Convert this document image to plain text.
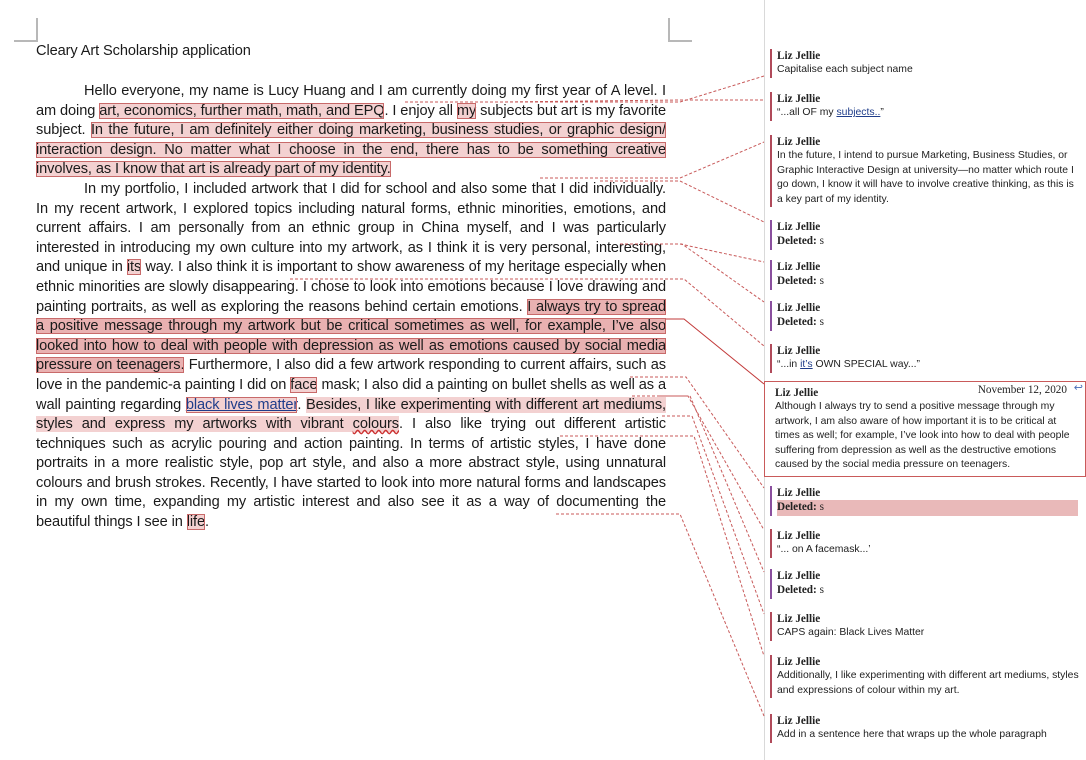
Cleary Art Scholarship application

Hello everyone, my name is Lucy Huang and I am currently doing my first year of A level. I am doing art, economics, further math, math, and EPQ. I enjoy all my subjects but art is my favorite subject. In the future, I am definitely either doing marketing, business studies, or graphic design/ interaction design. No matter what I choose in the end, there has to be something creative involves, as I know that art is already part of my identity.

In my portfolio, I included artwork that I did for school and also some that I did individually. In my recent artwork, I explored topics including natural forms, ethnic minorities, emotions, and current affairs. I am personally from an ethnic group in China myself, and I was particularly interested in introducing my own culture into my artwork, as I think it is very personal, interesting, and unique in its way. I also think it is important to show awareness of my heritage especially when ethnic minorities are slowly disappearing. I chose to look into emotions because I love drawing and painting portraits, as well as exploring the reasons behind certain emotions. I always try to spread a positive message through my artwork but be critical sometimes as well, for example, I’ve also looked into how to deal with people with depression as well as emotions caused by social media pressure on teenagers. Furthermore, I also did a few artwork responding to current affairs, such as love in the pandemic-a painting I did on face mask; I also did a painting on bullet shells as well as a wall painting regarding black lives matter. Besides, I like experimenting with different art mediums, styles and express my artworks with vibrant colours. I also like trying out different artistic techniques such as acrylic pouring and action painting. In terms of artistic styles, I have done portraits in a more realistic style, pop art style, and also a more abstract style, using unnatural colours and brush strokes. Recently, I have started to look into more natural forms and landscapes in my own time, expanding my artistic interest and also see it as a way of documenting the beautiful things I see in life.

Liz Jellie
Capitalise each subject name
Liz Jellie
“...all OF my subjects..”
Liz Jellie
In the future, I intend to pursue Marketing, Business Studies, or Graphic Interactive Design at university—no matter which route I go down, I know it will have to involve creative thinking, as this is a key part of my identity.
Liz Jellie
Deleted: s
Liz Jellie
Deleted: s
Liz Jellie
Deleted: s
Liz Jellie
“...in it’s OWN SPECIAL way...”
Liz Jellie	November 12, 2020 ↩
Although I always try to send a positive message through my artwork, I am also aware of how important it is to be critical at times as well; for example, I’ve look into how to deal with people suffering from depression as well as the destructive emotions caused by the social media pressure on teenagers.
Liz Jellie
Deleted: s
Liz Jellie
“... on A facemask...’
Liz Jellie
Deleted: s
Liz Jellie
CAPS again: Black Lives Matter
Liz Jellie
Additionally, I like experimenting with different art mediums, styles and expressions of colour within my art.
Liz Jellie
Add in a sentence here that wraps up the whole paragraph
